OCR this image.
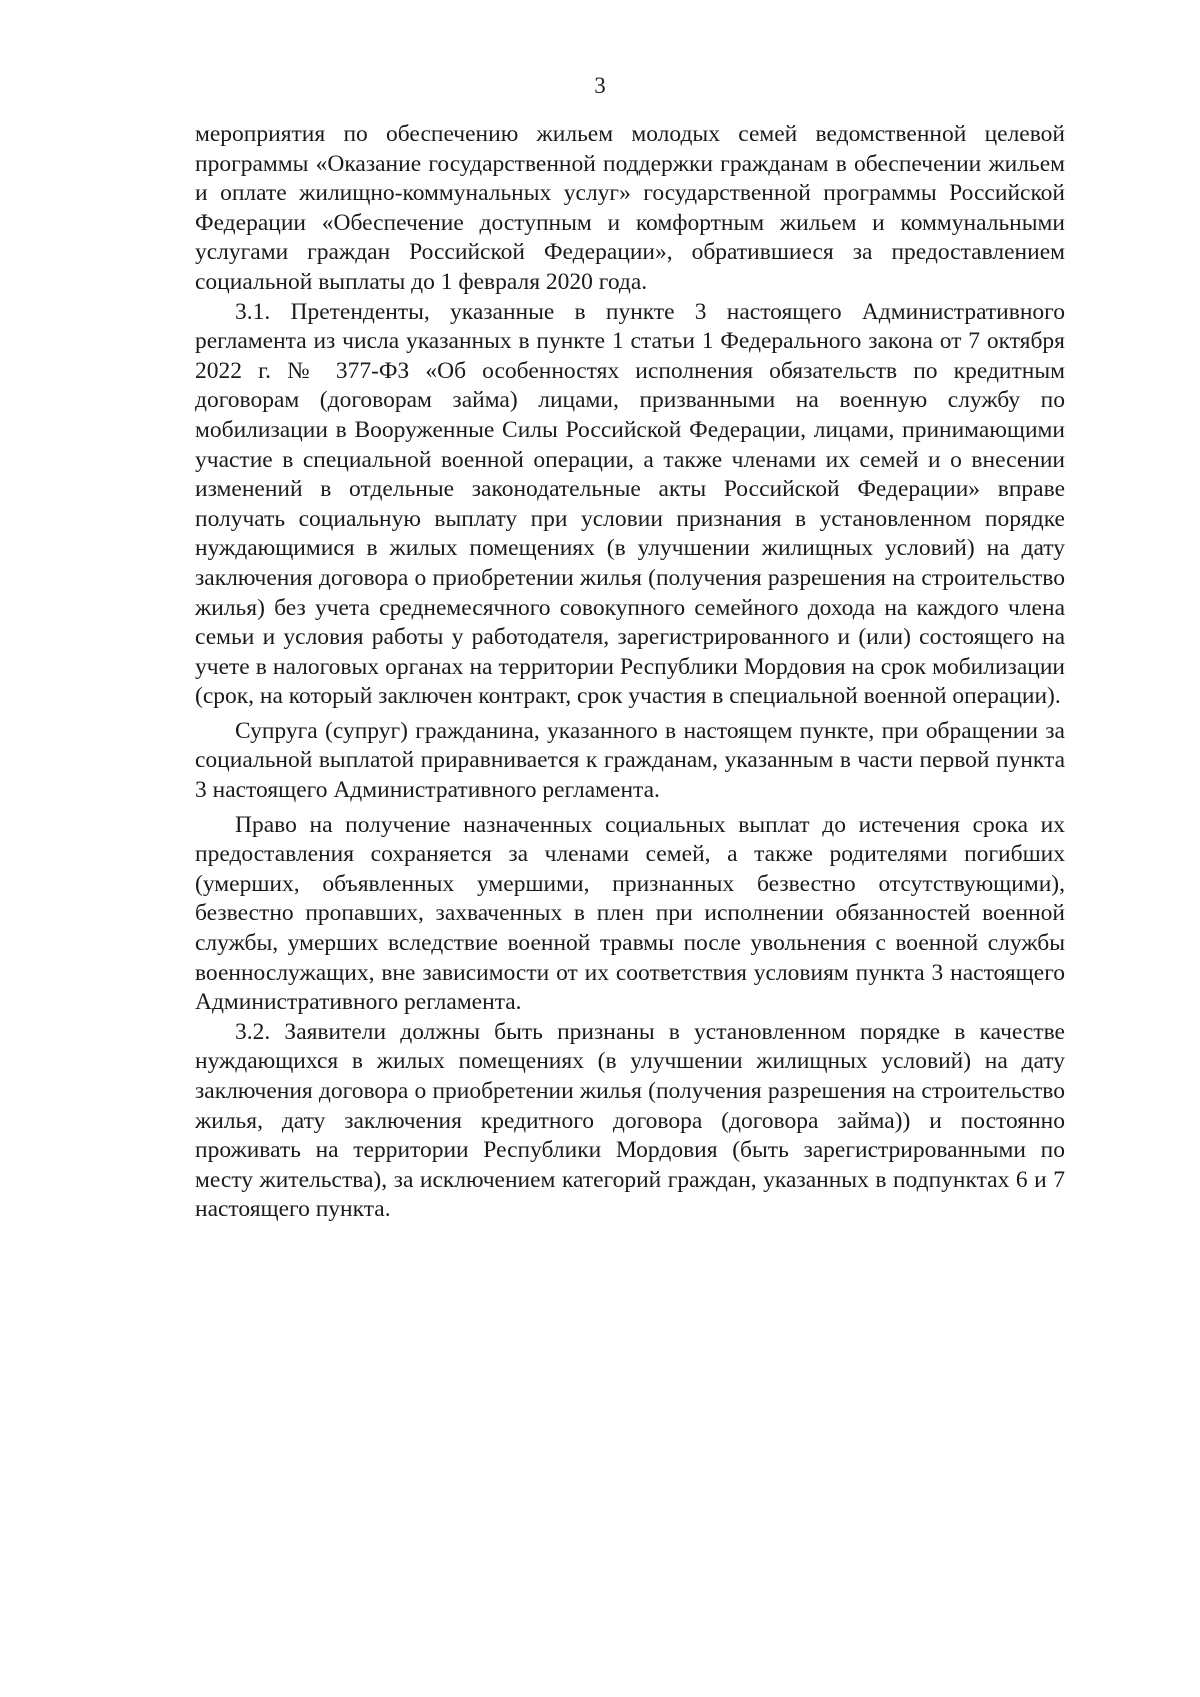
3

мероприятия по обеспечению жильем молодых семей ведомственной целевой программы «Оказание государственной поддержки гражданам в обеспечении жильем и оплате жилищно-коммунальных услуг» государственной программы Российской Федерации «Обеспечение доступным и комфортным жильем и коммунальными услугами граждан Российской Федерации», обратившиеся за предоставлением социальной выплаты до 1 февраля 2020 года.

3.1. Претенденты, указанные в пункте 3 настоящего Административного регламента из числа указанных в пункте 1 статьи 1 Федерального закона от 7 октября 2022 г. № 377-ФЗ «Об особенностях исполнения обязательств по кредитным договорам (договорам займа) лицами, призванными на военную службу по мобилизации в Вооруженные Силы Российской Федерации, лицами, принимающими участие в специальной военной операции, а также членами их семей и о внесении изменений в отдельные законодательные акты Российской Федерации» вправе получать социальную выплату при условии признания в установленном порядке нуждающимися в жилых помещениях (в улучшении жилищных условий) на дату заключения договора о приобретении жилья (получения разрешения на строительство жилья) без учета среднемесячного совокупного семейного дохода на каждого члена семьи и условия работы у работодателя, зарегистрированного и (или) состоящего на учете в налоговых органах на территории Республики Мордовия на срок мобилизации (срок, на который заключен контракт, срок участия в специальной военной операции).

Супруга (супруг) гражданина, указанного в настоящем пункте, при обращении за социальной выплатой приравнивается к гражданам, указанным в части первой пункта 3 настоящего Административного регламента.

Право на получение назначенных социальных выплат до истечения срока их предоставления сохраняется за членами семей, а также родителями погибших (умерших, объявленных умершими, признанных безвестно отсутствующими), безвестно пропавших, захваченных в плен при исполнении обязанностей военной службы, умерших вследствие военной травмы после увольнения с военной службы военнослужащих, вне зависимости от их соответствия условиям пункта 3 настоящего Административного регламента.

3.2. Заявители должны быть признаны в установленном порядке в качестве нуждающихся в жилых помещениях (в улучшении жилищных условий) на дату заключения договора о приобретении жилья (получения разрешения на строительство жилья, дату заключения кредитного договора (договора займа)) и постоянно проживать на территории Республики Мордовия (быть зарегистрированными по месту жительства), за исключением категорий граждан, указанных в подпунктах 6 и 7 настоящего пункта.
